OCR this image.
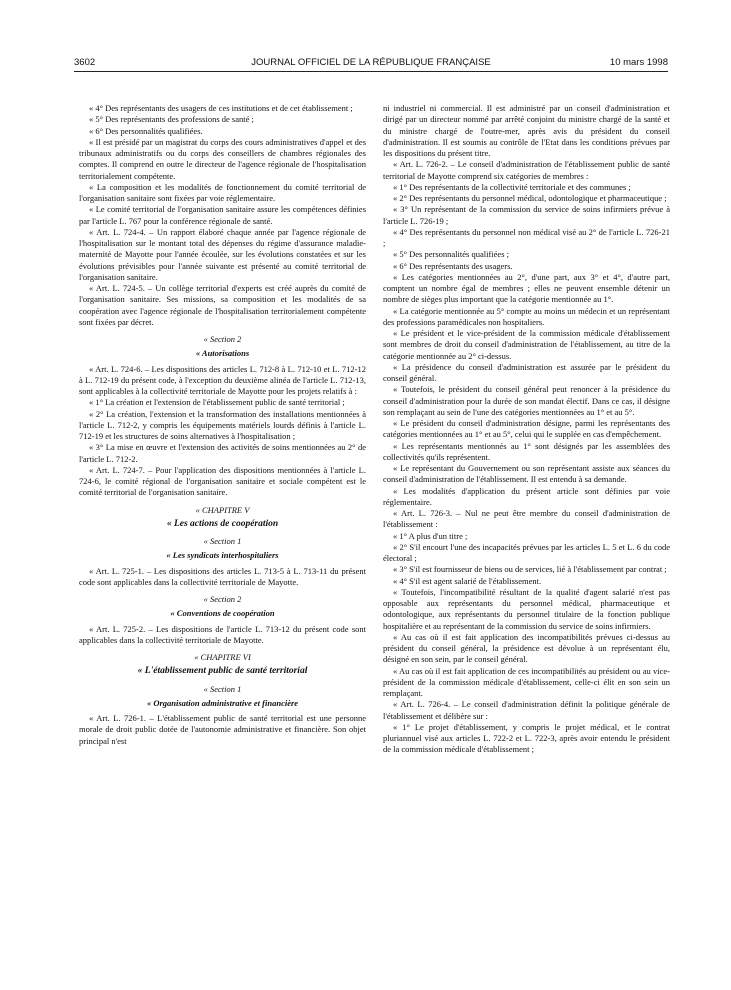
3602	JOURNAL OFFICIEL DE LA RÉPUBLIQUE FRANÇAISE	10 mars 1998

« 4° Des représentants des usagers de ces institutions et de cet établissement ;

« 5° Des représentants des professions de santé ;

« 6° Des personnalités qualifiées.

« Il est présidé par un magistrat du corps des cours administratives d'appel et des tribunaux administratifs ou du corps des conseillers de chambres régionales des comptes. Il comprend en outre le directeur de l'agence régionale de l'hospitalisation territorialement compétente.

« La composition et les modalités de fonctionnement du comité territorial de l'organisation sanitaire sont fixées par voie réglementaire.

« Le comité territorial de l'organisation sanitaire assure les compétences définies par l'article L. 767 pour la conférence régionale de santé.

« Art. L. 724-4. – Un rapport élaboré chaque année par l'agence régionale de l'hospitalisation sur le montant total des dépenses du régime d'assurance maladie-maternité de Mayotte pour l'année écoulée, sur les évolutions constatées et sur les évolutions prévisibles pour l'année suivante est présenté au comité territorial de l'organisation sanitaire.

« Art. L. 724-5. – Un collège territorial d'experts est créé auprès du comité de l'organisation sanitaire. Ses missions, sa composition et les modalités de sa coopération avec l'agence régionale de l'hospitalisation territorialement compétente sont fixées par décret.

« Section 2

« Autorisations

« Art. L. 724-6. – Les dispositions des articles L. 712-8 à L. 712-10 et L. 712-12 à L. 712-19 du présent code, à l'exception du deuxième alinéa de l'article L. 712-13, sont applicables à la collectivité territoriale de Mayotte pour les projets relatifs à :

« 1° La création et l'extension de l'établissement public de santé territorial ;

« 2° La création, l'extension et la transformation des installations mentionnées à l'article L. 712-2, y compris les équipements matériels lourds définis à l'article L. 712-19 et les structures de soins alternatives à l'hospitalisation ;

« 3° La mise en œuvre et l'extension des activités de soins mentionnées au 2° de l'article L. 712-2.

« Art. L. 724-7. – Pour l'application des dispositions mentionnées à l'article L. 724-6, le comité régional de l'organisation sanitaire et sociale compétent est le comité territorial de l'organisation sanitaire.

« CHAPITRE V

« Les actions de coopération

« Section 1

« Les syndicats interhospitaliers

« Art. L. 725-1. – Les dispositions des articles L. 713-5 à L. 713-11 du présent code sont applicables dans la collectivité territoriale de Mayotte.

« Section 2

« Conventions de coopération

« Art. L. 725-2. – Les dispositions de l'article L. 713-12 du présent code sont applicables dans la collectivité territoriale de Mayotte.

« CHAPITRE VI

« L'établissement public de santé territorial

« Section 1

« Organisation administrative et financière

« Art. L. 726-1. – L'établissement public de santé territorial est une personne morale de droit public dotée de l'autonomie administrative et financière. Son objet principal n'est

ni industriel ni commercial. Il est administré par un conseil d'administration et dirigé par un directeur nommé par arrêté conjoint du ministre chargé de la santé et du ministre chargé de l'outre-mer, après avis du président du conseil d'administration. Il est soumis au contrôle de l'Etat dans les conditions prévues par les dispositions du présent titre.

« Art. L. 726-2. – Le conseil d'administration de l'établissement public de santé territorial de Mayotte comprend six catégories de membres :

« 1° Des représentants de la collectivité territoriale et des communes ;

« 2° Des représentants du personnel médical, odontologique et pharmaceutique ;

« 3° Un représentant de la commission du service de soins infirmiers prévue à l'article L. 726-19 ;

« 4° Des représentants du personnel non médical visé au 2° de l'article L. 726-21 ;

« 5° Des personnalités qualifiées ;

« 6° Des représentants des usagers.

« Les catégories mentionnées au 2°, d'une part, aux 3° et 4°, d'autre part, comptent un nombre égal de membres ; elles ne peuvent ensemble détenir un nombre de sièges plus important que la catégorie mentionnée au 1°.

« La catégorie mentionnée au 5° compte au moins un médecin et un représentant des professions paramédicales non hospitaliers.

« Le président et le vice-président de la commission médicale d'établissement sont membres de droit du conseil d'administration de l'établissement, au titre de la catégorie mentionnée au 2° ci-dessus.

« La présidence du conseil d'administration est assurée par le président du conseil général.

« Toutefois, le président du conseil général peut renoncer à la présidence du conseil d'administration pour la durée de son mandat électif. Dans ce cas, il désigne son remplaçant au sein de l'une des catégories mentionnées au 1° et au 5°.

« Le président du conseil d'administration désigne, parmi les représentants des catégories mentionnées au 1° et au 5°, celui qui le supplée en cas d'empêchement.

« Les représentants mentionnés au 1° sont désignés par les assemblées des collectivités qu'ils représentent.

« Le représentant du Gouvernement ou son représentant assiste aux séances du conseil d'administration de l'établissement. Il est entendu à sa demande.

« Les modalités d'application du présent article sont définies par voie réglementaire.

« Art. L. 726-3. – Nul ne peut être membre du conseil d'administration de l'établissement :

« 1° A plus d'un titre ;

« 2° S'il encourt l'une des incapacités prévues par les articles L. 5 et L. 6 du code électoral ;

« 3° S'il est fournisseur de biens ou de services, lié à l'établissement par contrat ;

« 4° S'il est agent salarié de l'établissement.

« Toutefois, l'incompatibilité résultant de la qualité d'agent salarié n'est pas opposable aux représentants du personnel médical, pharmaceutique et odontologique, aux représentants du personnel titulaire de la fonction publique hospitalière et au représentant de la commission du service de soins infirmiers.

« Au cas où il est fait application des incompatibilités prévues ci-dessus au président du conseil général, la présidence est dévolue à un représentant élu, désigné en son sein, par le conseil général.

« Au cas où il est fait application de ces incompatibilités au président ou au vice-président de la commission médicale d'établissement, celle-ci élit en son sein un remplaçant.

« Art. L. 726-4. – Le conseil d'administration définit la politique générale de l'établissement et délibère sur :

« 1° Le projet d'établissement, y compris le projet médical, et le contrat pluriannuel visé aux articles L. 722-2 et L. 722-3, après avoir entendu le président de la commission médicale d'établissement ;
